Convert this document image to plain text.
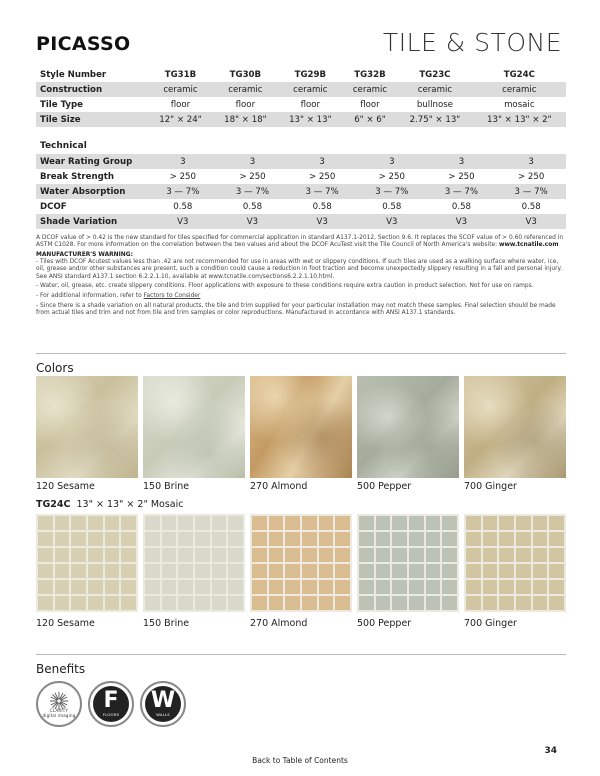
PICASSO	TILE & STONE
Style Number	TG31B	TG30B	TG29B	TG32B	TG23C	TG24C
Construction	ceramic	ceramic	ceramic	ceramic	ceramic	ceramic
Tile Type	floor	floor	floor	floor	bullnose	mosaic
Tile Size	12" × 24"	18" × 18"	13" × 13"	6" × 6"	2.75" × 13"	13" × 13" × 2"
Technical
Wear Rating Group	3	3	3	3	3	3
Break Strength	> 250	> 250	> 250	> 250	> 250	> 250
Water Absorption	3 — 7%	3 — 7%	3 — 7%	3 — 7%	3 — 7%	3 — 7%
DCOF	0.58	0.58	0.58	0.58	0.58	0.58
Shade Variation	V3	V3	V3	V3	V3	V3

A DCOF value of > 0.42 is the new standard for tiles specified for commercial application in standard A137.1-2012, Section 9.6. It replaces the SCOF value of > 0.60 referenced in ASTM C1028. For more information on the correlation between the two values and about the DCOF AcuTest visit the Tile Council of North America's website: www.tcnatile.com

MANUFACTURER'S WARNING:

- Tiles with DCOF Acutest values less than .42 are not recommended for use in areas with wet or slippery conditions. If such tiles are used as a walking surface where water, ice, oil, grease and/or other substances are present, such a condition could cause a reduction in foot traction and become unexpectedly slippery resulting in a fall and personal injury. See ANSI standard A137.1 section 6.2.2.1.10, available at www.tcnatile.com/sections6.2.2.1.10.html.

- Water, oil, grease, etc. create slippery conditions. Floor applications with exposure to these conditions require extra caution in product selection. Not for use on ramps.

- For additional information, refer to Factors to Consider

- Since there is a shade variation on all natural products, the tile and trim supplied for your particular installation may not match these samples. Final selection should be made from actual tiles and trim and not from tile and trim samples or color reproductions. Manufactured in accordance with ANSI A137.1 standards.

Colors
120 Sesame	150 Brine	270 Almond	500 Pepper	700 Ginger
TG24C 13" × 13" × 2" Mosaic
120 Sesame	150 Brine	270 Almond	500 Pepper	700 Ginger
Benefits
CLARITY
digital imaging
F
FLOORS
W
WALLS
34
Back to Table of Contents
